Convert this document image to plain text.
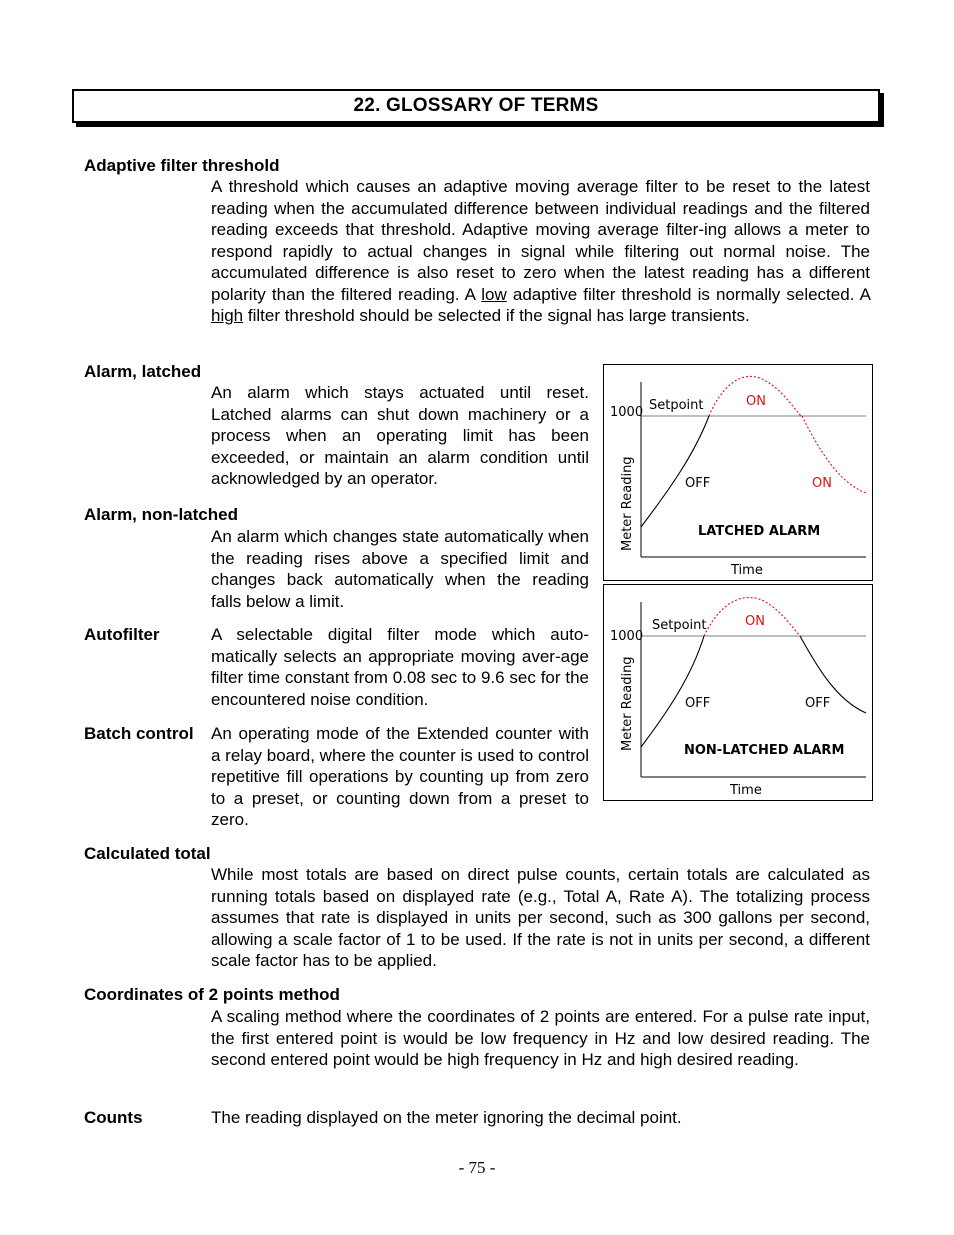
22. GLOSSARY OF TERMS
Adaptive filter threshold
A threshold which causes an adaptive moving average filter to be reset to the latest reading when the accumulated difference between individual readings and the filtered reading exceeds that threshold. Adaptive moving average filter-ing allows a meter to respond rapidly to actual changes in signal while filtering out normal noise. The accumulated difference is also reset to zero when the latest reading has a different polarity than the filtered reading. A low adaptive filter threshold is normally selected. A high filter threshold should be selected if the signal has large transients.
Alarm, latched
An alarm which stays actuated until reset. Latched alarms can shut down machinery or a process when an operating limit has been exceeded, or maintain an alarm condition until acknowledged by an operator.
Alarm, non-latched
An alarm which changes state automatically when the reading rises above a specified limit and changes back automatically when the reading falls below a limit.
Autofilter	A selectable digital filter mode which auto-matically selects an appropriate moving aver-age filter time constant from 0.08 sec to 9.6 sec for the encountered noise condition.
Batch control An operating mode of the Extended counter with a relay board, where the counter is used to control repetitive fill operations by counting up from zero to a preset, or counting down from a preset to zero.
Calculated total
While most totals are based on direct pulse counts, certain totals are calculated as running totals based on displayed rate (e.g., Total A, Rate A). The totalizing process assumes that rate is displayed in units per second, such as 300 gallons per second, allowing a scale factor of 1 to be used. If the rate is not in units per second, a different scale factor has to be applied.
Coordinates of 2 points method
A scaling method where the coordinates of 2 points are entered. For a pulse rate input, the first entered point is would be low frequency in Hz and low desired reading. The second entered point would be high frequency in Hz and high desired reading.
Counts	The reading displayed on the meter ignoring the decimal point.
1000 Setpoint	ON
OFF	ON
LATCHED ALARM
Time
Meter Reading
1000
Setpoint	ON
OFF	OFF
NON-LATCHED ALARM
Time
Meter Reading
- 75 -
